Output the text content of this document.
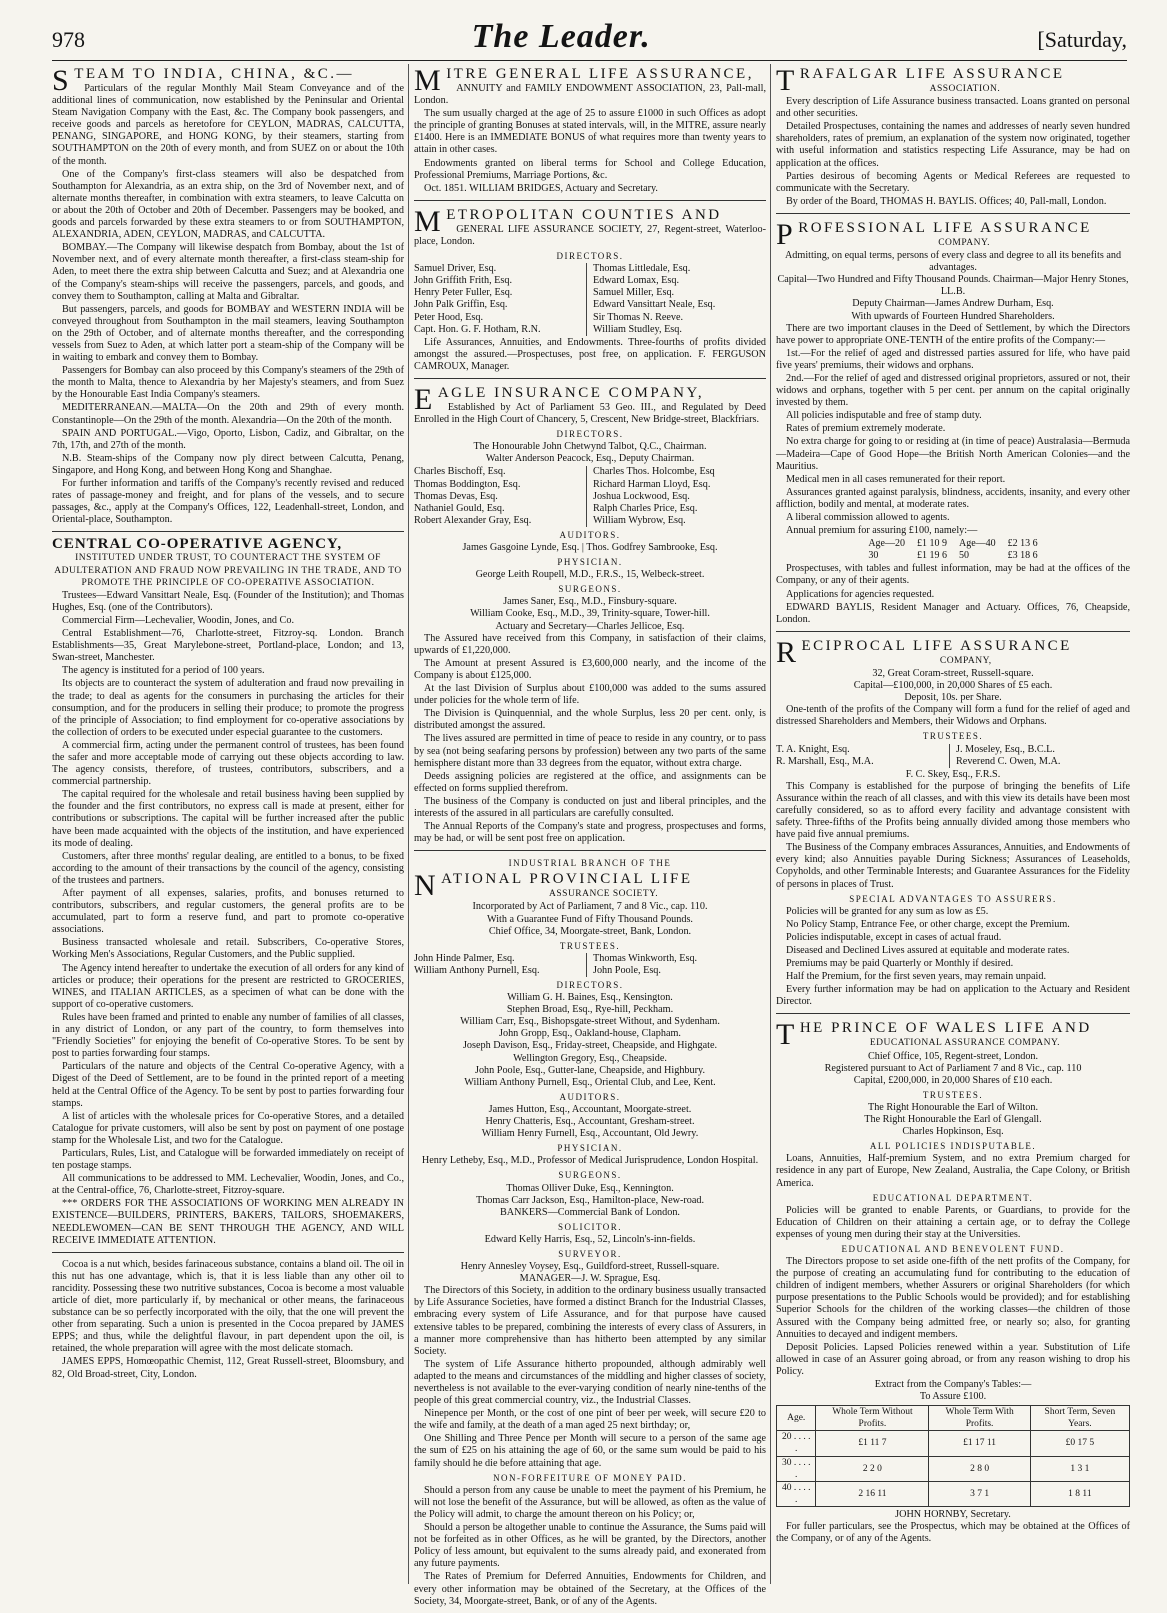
978	The Leader.	[Saturday,
STEAM TO INDIA, CHINA, &C.—

Particulars of the regular Monthly Mail Steam Conveyance and of the additional lines of communication, now established by the Peninsular and Oriental Steam Navigation Company with the East, &c. The Company book passengers, and receive goods and parcels as heretofore for CEYLON, MADRAS, CALCUTTA, PENANG, SINGAPORE, and HONG KONG, by their steamers, starting from SOUTHAMPTON on the 20th of every month, and from SUEZ on or about the 10th of the month.

One of the Company's first-class steamers will also be despatched from Southampton for Alexandria, as an extra ship, on the 3rd of November next, and of alternate months thereafter, in combination with extra steamers, to leave Calcutta on or about the 20th of October and 20th of December. Passengers may be booked, and goods and parcels forwarded by these extra steamers to or from SOUTHAMPTON, ALEXANDRIA, ADEN, CEYLON, MADRAS, and CALCUTTA.

BOMBAY.—The Company will likewise despatch from Bombay, about the 1st of November next, and of every alternate month thereafter, a first-class steam-ship for Aden, to meet there the extra ship between Calcutta and Suez; and at Alexandria one of the Company's steam-ships will receive the passengers, parcels, and goods, and convey them to Southampton, calling at Malta and Gibraltar.

But passengers, parcels, and goods for BOMBAY and WESTERN INDIA will be conveyed throughout from Southampton in the mail steamers, leaving Southampton on the 29th of October, and of alternate months thereafter, and the corresponding vessels from Suez to Aden, at which latter port a steam-ship of the Company will be in waiting to embark and convey them to Bombay.

Passengers for Bombay can also proceed by this Company's steamers of the 29th of the month to Malta, thence to Alexandria by her Majesty's steamers, and from Suez by the Honourable East India Company's steamers.

MEDITERRANEAN.—MALTA—On the 20th and 29th of every month. Constantinople—On the 29th of the month. Alexandria—On the 20th of the month.

SPAIN AND PORTUGAL.—Vigo, Oporto, Lisbon, Cadiz, and Gibraltar, on the 7th, 17th, and 27th of the month.

N.B. Steam-ships of the Company now ply direct between Calcutta, Penang, Singapore, and Hong Kong, and between Hong Kong and Shanghae.

For further information and tariffs of the Company's recently revised and reduced rates of passage-money and freight, and for plans of the vessels, and to secure passages, &c., apply at the Company's Offices, 122, Leadenhall-street, London, and Oriental-place, Southampton.

CENTRAL CO-OPERATIVE AGENCY,
INSTITUTED UNDER TRUST, TO COUNTERACT THE SYSTEM OF ADULTERATION AND FRAUD NOW PREVAILING IN THE TRADE, AND TO PROMOTE THE PRINCIPLE OF CO-OPERATIVE ASSOCIATION.

Trustees—Edward Vansittart Neale, Esq. (Founder of the Institution); and Thomas Hughes, Esq. (one of the Contributors).

Commercial Firm—Lechevalier, Woodin, Jones, and Co.

Central Establishment—76, Charlotte-street, Fitzroy-sq. London. Branch Establishments—35, Great Marylebone-street, Portland-place, London; and 13, Swan-street, Manchester.

The agency is instituted for a period of 100 years.

Its objects are to counteract the system of adulteration and fraud now prevailing in the trade; to deal as agents for the consumers in purchasing the articles for their consumption, and for the producers in selling their produce; to promote the progress of the principle of Association; to find employment for co-operative associations by the collection of orders to be executed under especial guarantee to the customers.

A commercial firm, acting under the permanent control of trustees, has been found the safer and more acceptable mode of carrying out these objects according to law. The agency consists, therefore, of trustees, contributors, subscribers, and a commercial partnership.

The capital required for the wholesale and retail business having been supplied by the founder and the first contributors, no express call is made at present, either for contributions or subscriptions. The capital will be further increased after the public have been made acquainted with the objects of the institution, and have experienced its mode of dealing.

Customers, after three months' regular dealing, are entitled to a bonus, to be fixed according to the amount of their transactions by the council of the agency, consisting of the trustees and partners.

After payment of all expenses, salaries, profits, and bonuses returned to contributors, subscribers, and regular customers, the general profits are to be accumulated, part to form a reserve fund, and part to promote co-operative associations.

Business transacted wholesale and retail. Subscribers, Co-operative Stores, Working Men's Associations, Regular Customers, and the Public supplied.

The Agency intend hereafter to undertake the execution of all orders for any kind of articles or produce; their operations for the present are restricted to GROCERIES, WINES, and ITALIAN ARTICLES, as a specimen of what can be done with the support of co-operative customers.

Rules have been framed and printed to enable any number of families of all classes, in any district of London, or any part of the country, to form themselves into "Friendly Societies" for enjoying the benefit of Co-operative Stores. To be sent by post to parties forwarding four stamps.

Particulars of the nature and objects of the Central Co-operative Agency, with a Digest of the Deed of Settlement, are to be found in the printed report of a meeting held at the Central Office of the Agency. To be sent by post to parties forwarding four stamps.

A list of articles with the wholesale prices for Co-operative Stores, and a detailed Catalogue for private customers, will also be sent by post on payment of one postage stamp for the Wholesale List, and two for the Catalogue.

Particulars, Rules, List, and Catalogue will be forwarded immediately on receipt of ten postage stamps.

All communications to be addressed to MM. Lechevalier, Woodin, Jones, and Co., at the Central-office, 76, Charlotte-street, Fitzroy-square.

*** ORDERS FOR THE ASSOCIATIONS OF WORKING MEN ALREADY IN EXISTENCE—BUILDERS, PRINTERS, BAKERS, TAILORS, SHOEMAKERS, NEEDLEWOMEN—CAN BE SENT THROUGH THE AGENCY, AND WILL RECEIVE IMMEDIATE ATTENTION.

Cocoa is a nut which, besides farinaceous substance, contains a bland oil. The oil in this nut has one advantage, which is, that it is less liable than any other oil to rancidity. Possessing these two nutritive substances, Cocoa is become a most valuable article of diet, more particularly if, by mechanical or other means, the farinaceous substance can be so perfectly incorporated with the oily, that the one will prevent the other from separating. Such a union is presented in the Cocoa prepared by JAMES EPPS; and thus, while the delightful flavour, in part dependent upon the oil, is retained, the whole preparation will agree with the most delicate stomach.

JAMES EPPS, Homœopathic Chemist, 112, Great Russell-street, Bloomsbury, and 82, Old Broad-street, City, London.

MITRE GENERAL LIFE ASSURANCE,

ANNUITY and FAMILY ENDOWMENT ASSOCIATION, 23, Pall-mall, London.

The sum usually charged at the age of 25 to assure £1000 in such Offices as adopt the principle of granting Bonuses at stated intervals, will, in the MITRE, assure nearly £1400. Here is an IMMEDIATE BONUS of what requires more than twenty years to attain in other cases.

Endowments granted on liberal terms for School and College Education, Professional Premiums, Marriage Portions, &c.

Oct. 1851. WILLIAM BRIDGES, Actuary and Secretary.

METROPOLITAN COUNTIES AND

GENERAL LIFE ASSURANCE SOCIETY, 27, Regent-street, Waterloo-place, London.

DIRECTORS.
Samuel Driver, Esq.	Thomas Littledale, Esq.
John Griffith Frith, Esq.	Edward Lomax, Esq.
Henry Peter Fuller, Esq.	Samuel Miller, Esq.
John Palk Griffin, Esq.	Edward Vansittart Neale, Esq.
Peter Hood, Esq.	Sir Thomas N. Reeve.
Capt. Hon. G. F. Hotham, R.N.	William Studley, Esq.

Life Assurances, Annuities, and Endowments. Three-fourths of profits divided amongst the assured.—Prospectuses, post free, on application. F. FERGUSON CAMROUX, Manager.

EAGLE INSURANCE COMPANY,

Established by Act of Parliament 53 Geo. III., and Regulated by Deed Enrolled in the High Court of Chancery, 5, Crescent, New Bridge-street, Blackfriars.

DIRECTORS.

The Honourable John Chetwynd Talbot, Q.C., Chairman.

Walter Anderson Peacock, Esq., Deputy Chairman.

Charles Bischoff, Esq.	Charles Thos. Holcombe, Esq
Thomas Boddington, Esq.	Richard Harman Lloyd, Esq.
Thomas Devas, Esq.	Joshua Lockwood, Esq.
Nathaniel Gould, Esq.	Ralph Charles Price, Esq.
Robert Alexander Gray, Esq.	William Wybrow, Esq.
AUDITORS.

James Gasgoine Lynde, Esq. | Thos. Godfrey Sambrooke, Esq.

PHYSICIAN.

George Leith Roupell, M.D., F.R.S., 15, Welbeck-street.

SURGEONS.

James Saner, Esq., M.D., Finsbury-square.

William Cooke, Esq., M.D., 39, Trinity-square, Tower-hill.

Actuary and Secretary—Charles Jellicoe, Esq.

The Assured have received from this Company, in satisfaction of their claims, upwards of £1,220,000.

The Amount at present Assured is £3,600,000 nearly, and the income of the Company is about £125,000.

At the last Division of Surplus about £100,000 was added to the sums assured under policies for the whole term of life.

The Division is Quinquennial, and the whole Surplus, less 20 per cent. only, is distributed amongst the assured.

The lives assured are permitted in time of peace to reside in any country, or to pass by sea (not being seafaring persons by profession) between any two parts of the same hemisphere distant more than 33 degrees from the equator, without extra charge.

Deeds assigning policies are registered at the office, and assignments can be effected on forms supplied therefrom.

The business of the Company is conducted on just and liberal principles, and the interests of the assured in all particulars are carefully consulted.

The Annual Reports of the Company's state and progress, prospectuses and forms, may be had, or will be sent post free on application.

INDUSTRIAL BRANCH OF THE
NATIONAL PROVINCIAL LIFE
ASSURANCE SOCIETY.

Incorporated by Act of Parliament, 7 and 8 Vic., cap. 110.

With a Guarantee Fund of Fifty Thousand Pounds.

Chief Office, 34, Moorgate-street, Bank, London.

TRUSTEES.
John Hinde Palmer, Esq.	Thomas Winkworth, Esq.
William Anthony Purnell, Esq.	John Poole, Esq.
DIRECTORS.

William G. H. Baines, Esq., Kensington.

Stephen Broad, Esq., Rye-hill, Peckham.

William Carr, Esq., Bishopsgate-street Without, and Sydenham.

John Gropp, Esq., Oakland-house, Clapham.

Joseph Davison, Esq., Friday-street, Cheapside, and Highgate.

Wellington Gregory, Esq., Cheapside.

John Poole, Esq., Gutter-lane, Cheapside, and Highbury.

William Anthony Purnell, Esq., Oriental Club, and Lee, Kent.

AUDITORS.

James Hutton, Esq., Accountant, Moorgate-street.

Henry Chatteris, Esq., Accountant, Gresham-street.

William Henry Furnell, Esq., Accountant, Old Jewry.

PHYSICIAN.

Henry Letheby, Esq., M.D., Professor of Medical Jurisprudence, London Hospital.

SURGEONS.

Thomas Olliver Duke, Esq., Kennington.

Thomas Carr Jackson, Esq., Hamilton-place, New-road.

BANKERS—Commercial Bank of London.

SOLICITOR.

Edward Kelly Harris, Esq., 52, Lincoln's-inn-fields.

SURVEYOR.

Henry Annesley Voysey, Esq., Guildford-street, Russell-square.

MANAGER—J. W. Sprague, Esq.

The Directors of this Society, in addition to the ordinary business usually transacted by Life Assurance Societies, have formed a distinct Branch for the Industrial Classes, embracing every system of Life Assurance, and for that purpose have caused extensive tables to be prepared, combining the interests of every class of Assurers, in a manner more comprehensive than has hitherto been attempted by any similar Society.

The system of Life Assurance hitherto propounded, although admirably well adapted to the means and circumstances of the middling and higher classes of society, nevertheless is not available to the ever-varying condition of nearly nine-tenths of the people of this great commercial country, viz., the Industrial Classes.

Ninepence per Month, or the cost of one pint of beer per week, will secure £20 to the wife and family, at the death of a man aged 25 next birthday; or,

One Shilling and Three Pence per Month will secure to a person of the same age the sum of £25 on his attaining the age of 60, or the same sum would be paid to his family should he die before attaining that age.

NON-FORFEITURE OF MONEY PAID.

Should a person from any cause be unable to meet the payment of his Premium, he will not lose the benefit of the Assurance, but will be allowed, as often as the value of the Policy will admit, to charge the amount thereon on his Policy; or,

Should a person be altogether unable to continue the Assurance, the Sums paid will not be forfeited as in other Offices, as he will be granted, by the Directors, another Policy of less amount, but equivalent to the sums already paid, and exonerated from any future payments.

The Rates of Premium for Deferred Annuities, Endowments for Children, and every other information may be obtained of the Secretary, at the Offices of the Society, 34, Moorgate-street, Bank, or of any of the Agents.

TRAFALGAR LIFE ASSURANCE
ASSOCIATION.

Every description of Life Assurance business transacted. Loans granted on personal and other securities.

Detailed Prospectuses, containing the names and addresses of nearly seven hundred shareholders, rates of premium, an explanation of the system now originated, together with useful information and statistics respecting Life Assurance, may be had on application at the offices.

Parties desirous of becoming Agents or Medical Referees are requested to communicate with the Secretary.

By order of the Board, THOMAS H. BAYLIS. Offices; 40, Pall-mall, London.

PROFESSIONAL LIFE ASSURANCE
COMPANY.

Admitting, on equal terms, persons of every class and degree to all its benefits and advantages.

Capital—Two Hundred and Fifty Thousand Pounds. Chairman—Major Henry Stones, LL.B.

Deputy Chairman—James Andrew Durham, Esq.

With upwards of Fourteen Hundred Shareholders.

There are two important clauses in the Deed of Settlement, by which the Directors have power to appropriate ONE-TENTH of the entire profits of the Company:—

1st.—For the relief of aged and distressed parties assured for life, who have paid five years' premiums, their widows and orphans.

2nd.—For the relief of aged and distressed original proprietors, assured or not, their widows and orphans, together with 5 per cent. per annum on the capital originally invested by them.

All policies indisputable and free of stamp duty.

Rates of premium extremely moderate.

No extra charge for going to or residing at (in time of peace) Australasia—Bermuda—Madeira—Cape of Good Hope—the British North American Colonies—and the Mauritius.

Medical men in all cases remunerated for their report.

Assurances granted against paralysis, blindness, accidents, insanity, and every other affliction, bodily and mental, at moderate rates.

A liberal commission allowed to agents.

Annual premium for assuring £100, namely:—

Age—20	£1 10 9	Age—40	£2 13 6
30	£1 19 6	50	£3 18 6

Prospectuses, with tables and fullest information, may be had at the offices of the Company, or any of their agents.

Applications for agencies requested.

EDWARD BAYLIS, Resident Manager and Actuary. Offices, 76, Cheapside, London.

RECIPROCAL LIFE ASSURANCE
COMPANY,

32, Great Coram-street, Russell-square.

Capital—£100,000, in 20,000 Shares of £5 each.

Deposit, 10s. per Share.

One-tenth of the profits of the Company will form a fund for the relief of aged and distressed Shareholders and Members, their Widows and Orphans.

TRUSTEES.
T. A. Knight, Esq.	J. Moseley, Esq., B.C.L.
R. Marshall, Esq., M.A.	Reverend C. Owen, M.A.

F. C. Skey, Esq., F.R.S.

This Company is established for the purpose of bringing the benefits of Life Assurance within the reach of all classes, and with this view its details have been most carefully considered, so as to afford every facility and advantage consistent with safety. Three-fifths of the Profits being annually divided among those members who have paid five annual premiums.

The Business of the Company embraces Assurances, Annuities, and Endowments of every kind; also Annuities payable During Sickness; Assurances of Leaseholds, Copyholds, and other Terminable Interests; and Guarantee Assurances for the Fidelity of persons in places of Trust.

SPECIAL ADVANTAGES TO ASSURERS.

Policies will be granted for any sum as low as £5.

No Policy Stamp, Entrance Fee, or other charge, except the Premium.

Policies indisputable, except in cases of actual fraud.

Diseased and Declined Lives assured at equitable and moderate rates.

Premiums may be paid Quarterly or Monthly if desired.

Half the Premium, for the first seven years, may remain unpaid.

Every further information may be had on application to the Actuary and Resident Director.

THE PRINCE OF WALES LIFE AND
EDUCATIONAL ASSURANCE COMPANY.

Chief Office, 105, Regent-street, London.

Registered pursuant to Act of Parliament 7 and 8 Vic., cap. 110

Capital, £200,000, in 20,000 Shares of £10 each.

TRUSTEES.

The Right Honourable the Earl of Wilton.

The Right Honourable the Earl of Glengall.

Charles Hopkinson, Esq.

ALL POLICIES INDISPUTABLE.

Loans, Annuities, Half-premium System, and no extra Premium charged for residence in any part of Europe, New Zealand, Australia, the Cape Colony, or British America.

EDUCATIONAL DEPARTMENT.

Policies will be granted to enable Parents, or Guardians, to provide for the Education of Children on their attaining a certain age, or to defray the College expenses of young men during their stay at the Universities.

EDUCATIONAL AND BENEVOLENT FUND.

The Directors propose to set aside one-fifth of the nett profits of the Company, for the purpose of creating an accumulating fund for contributing to the education of children of indigent members, whether Assurers or original Shareholders (for which purpose presentations to the Public Schools would be provided); and for establishing Superior Schools for the children of the working classes—the children of those Assured with the Company being admitted free, or nearly so; also, for granting Annuities to decayed and indigent members.

Deposit Policies. Lapsed Policies renewed within a year. Substitution of Life allowed in case of an Assurer going abroad, or from any reason wishing to drop his Policy.

Extract from the Company's Tables:—

To Assure £100.

Age.	Whole Term Without Profits.	Whole Term With Profits.	Short Term, Seven Years.
20 . . . . .	£1 11 7	£1 17 11	£0 17 5
30 . . . . .	2 2 0	2 8 0	1 3 1
40 . . . . .	2 16 11	3 7 1	1 8 11

JOHN HORNBY, Secretary.

For fuller particulars, see the Prospectus, which may be obtained at the Offices of the Company, or of any of the Agents.
